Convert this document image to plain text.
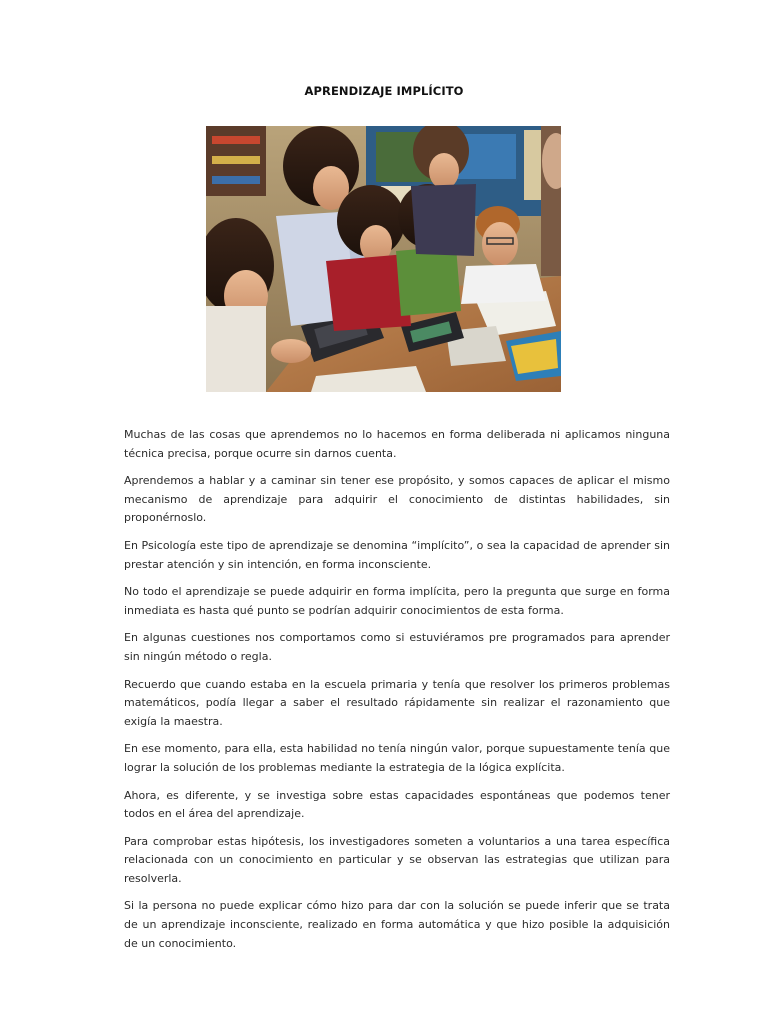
APRENDIZAJE IMPLÍCITO

Muchas de las cosas que aprendemos no lo hacemos en forma deliberada ni aplicamos ninguna técnica precisa, porque ocurre sin darnos cuenta.

Aprendemos a hablar y a caminar sin tener ese propósito, y somos capaces de aplicar el mismo mecanismo de aprendizaje para adquirir el conocimiento de distintas habilidades, sin proponérnoslo.

En Psicología este tipo de aprendizaje se denomina “implícito”, o sea la capacidad de aprender sin prestar atención y sin intención, en forma inconsciente.

No todo el aprendizaje se puede adquirir en forma implícita, pero la pregunta que surge en forma inmediata es hasta qué punto se podrían adquirir conocimientos de esta forma.

En algunas cuestiones nos comportamos como si estuviéramos pre programados para aprender sin ningún método o regla.

Recuerdo que cuando estaba en la escuela primaria y tenía que resolver los primeros problemas matemáticos, podía llegar a saber el resultado rápidamente sin realizar el razonamiento que exigía la maestra.

En ese momento, para ella, esta habilidad no tenía ningún valor, porque supuestamente tenía que lograr la solución de los problemas mediante la estrategia de la lógica explícita.

Ahora, es diferente, y se investiga sobre estas capacidades espontáneas que podemos tener todos en el área del aprendizaje.

Para comprobar estas hipótesis, los investigadores someten a voluntarios a una tarea específica relacionada con un conocimiento en particular y se observan las estrategias que utilizan para resolverla.

Si la persona no puede explicar cómo hizo para dar con la solución se puede inferir que se trata de un aprendizaje inconsciente, realizado en forma automática y que hizo posible la adquisición de un conocimiento.
